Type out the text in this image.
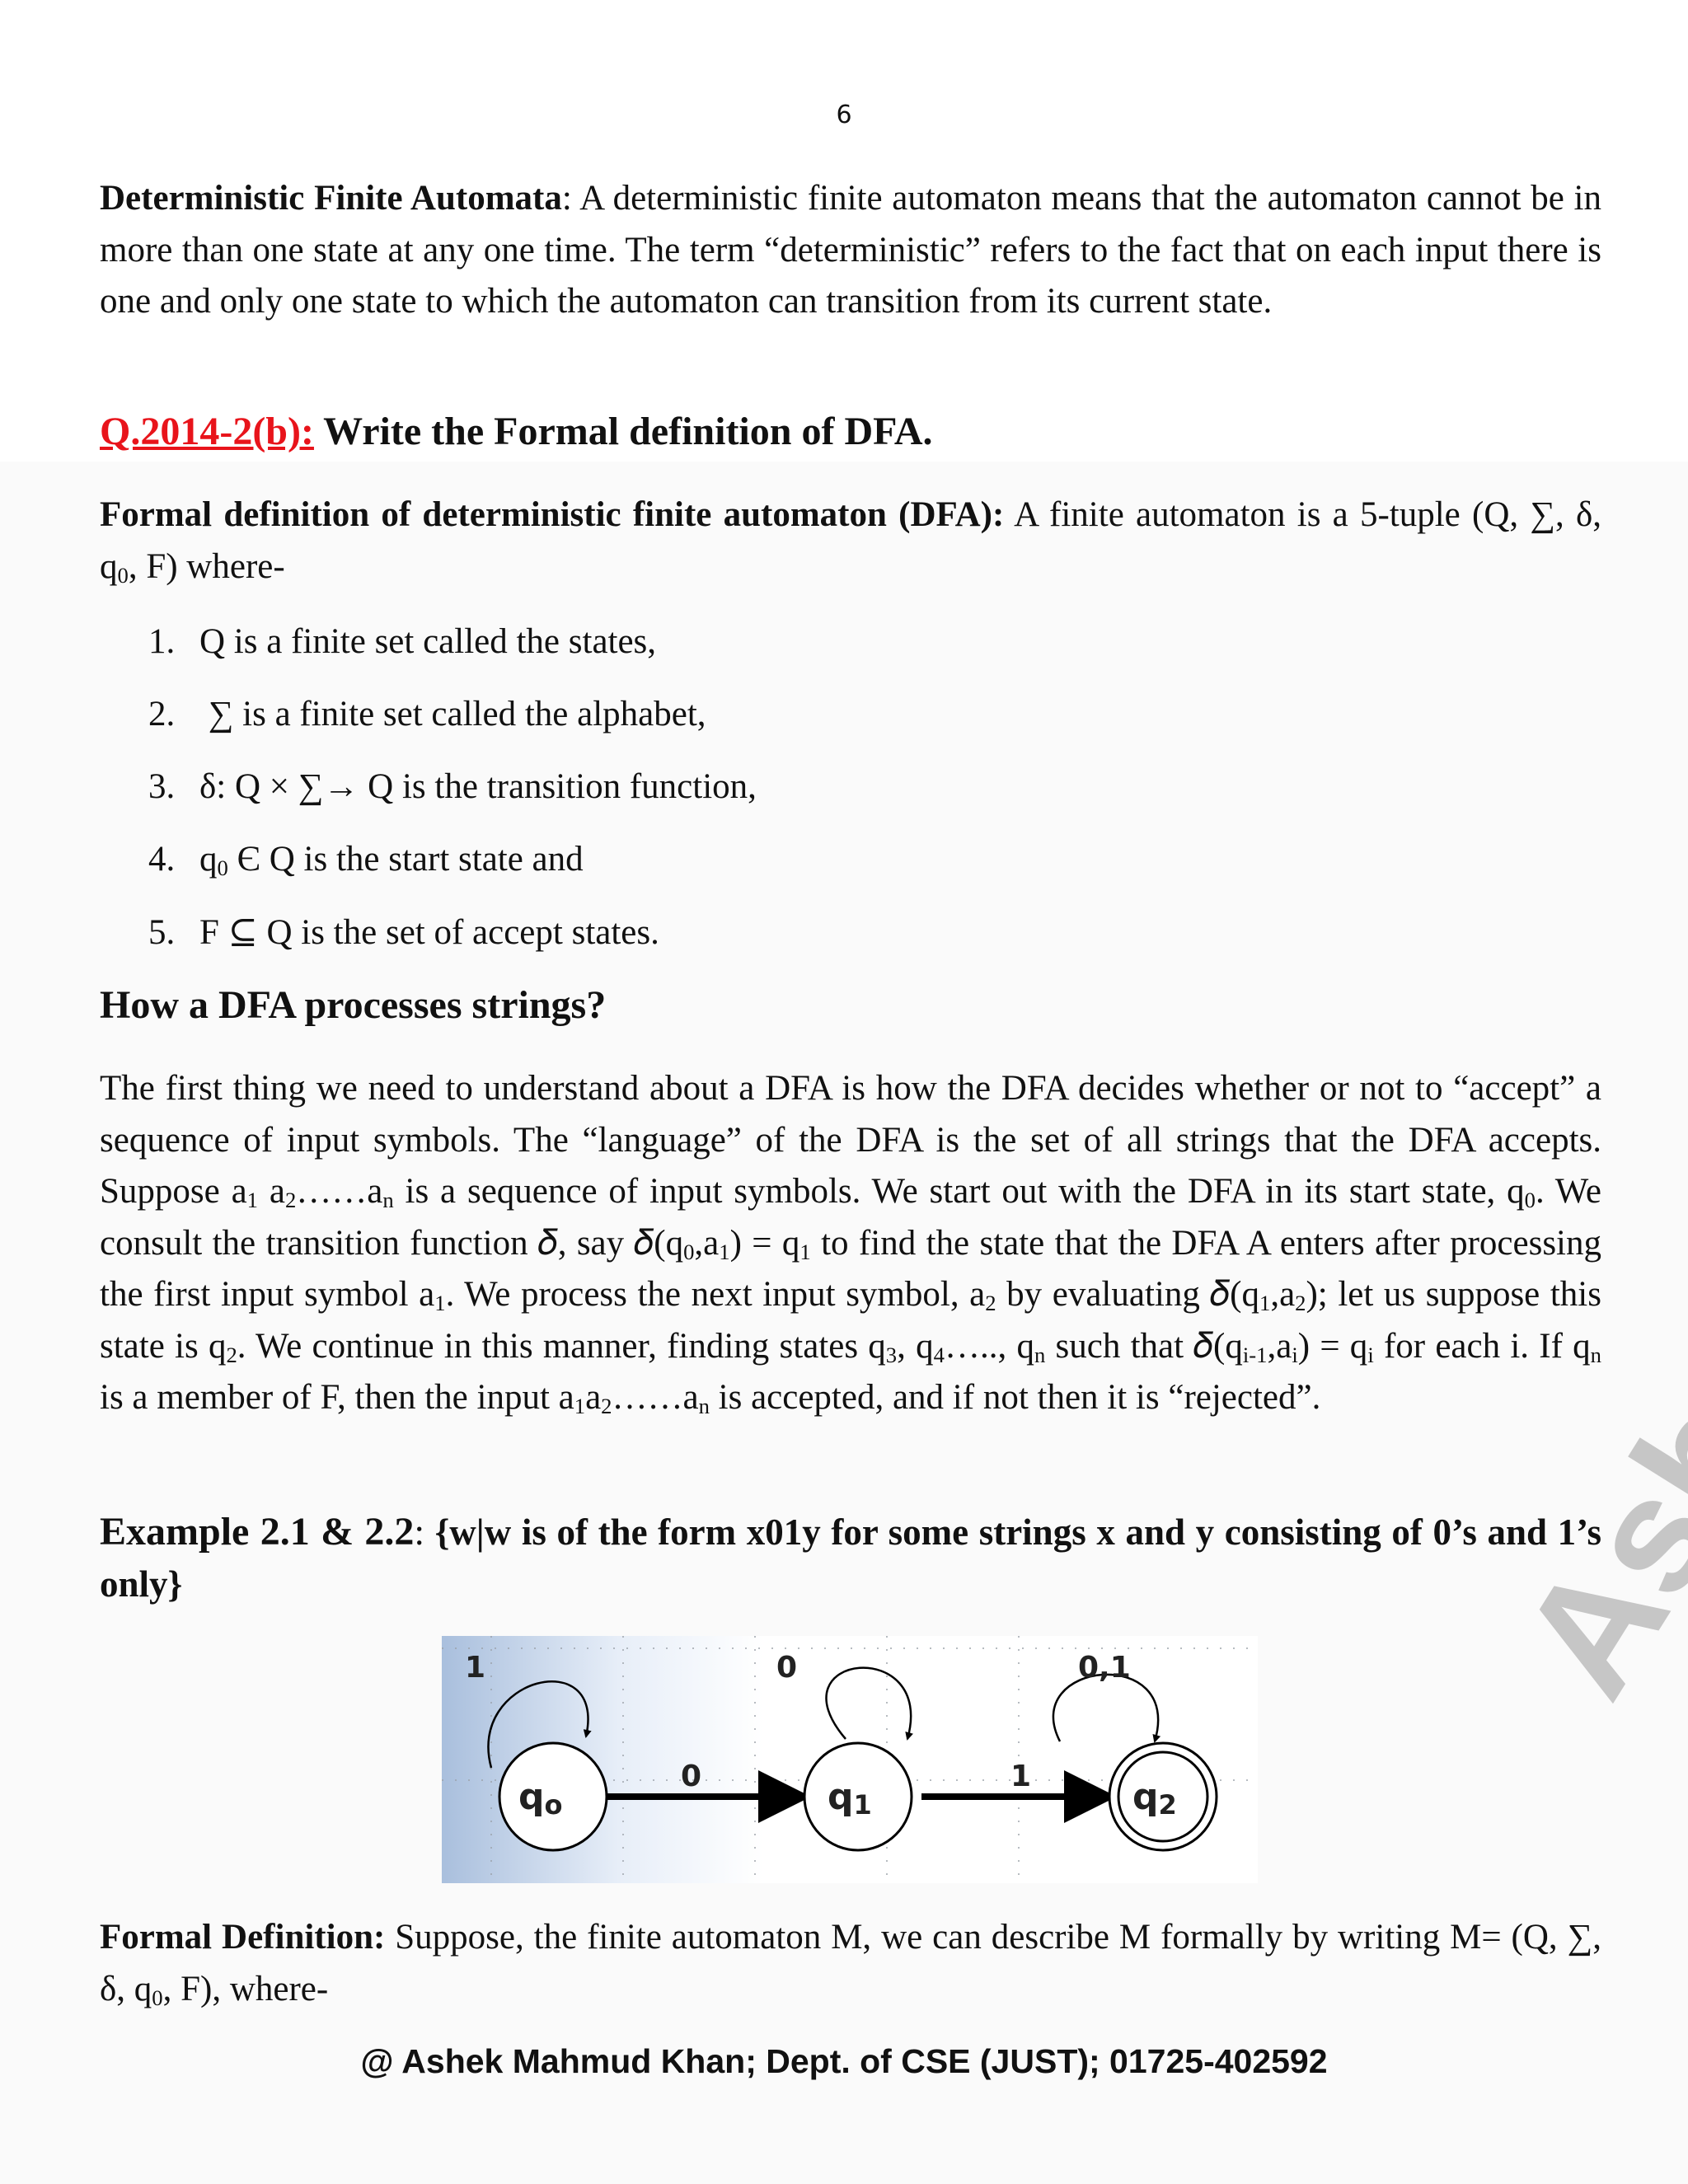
6
Deterministic Finite Automata: A deterministic finite automaton means that the automaton cannot be in more than one state at any one time. The term “deterministic” refers to the fact that on each input there is one and only one state to which the automaton can transition from its current state.
Q.2014-2(b): Write the Formal definition of DFA.
Formal definition of deterministic finite automaton (DFA): A finite automaton is a 5-tuple (Q, ∑, δ, $q_0$, F) where-
1. Q is a finite set called the states,
2. ∑ is a finite set called the alphabet,
3. δ: Q × ∑→ Q is the transition function,
4. $q_0$ Є Q is the start state and
5. F ⊆ Q is the set of accept states.
How a DFA processes strings?
The first thing we need to understand about a DFA is how the DFA decides whether or not to “accept” a sequence of input symbols. The “language” of the DFA is the set of all strings that the DFA accepts. Suppose $a_1$ $a_2\dots\dots a_n$ is a sequence of input symbols. We start out with the DFA in its start state, $q_0$. We consult the transition function 𝛿, say $𝛿(q_0,a_1) = q_1$ to find the state that the DFA A enters after processing the first input symbol $a_1$. We process the next input symbol, $a_2$ by evaluating $𝛿(q_1,a_2)$; let us suppose this state is $q_2$. We continue in this manner, finding states $q_3$, $q_4\dots$.., $q_n$ such that $𝛿(q_{i-1},a_i) = q_i$ for each i. If $q_n$ is a member of F, then the input $a_1a_2\dots\dots a_n$ is accepted, and if not then it is “rejected”.
Example 2.1 & 2.2: {w|w is of the form x01y for some strings x and y consisting of 0’s and 1’s only}
qo	q1	q2
1	0	0,1
0	1
Formal Definition: Suppose, the finite automaton M, we can describe M formally by writing M= (Q, ∑, δ, $q_0$, F), where-
@ Ashek Mahmud Khan; Dept. of CSE (JUST); 01725-402592
